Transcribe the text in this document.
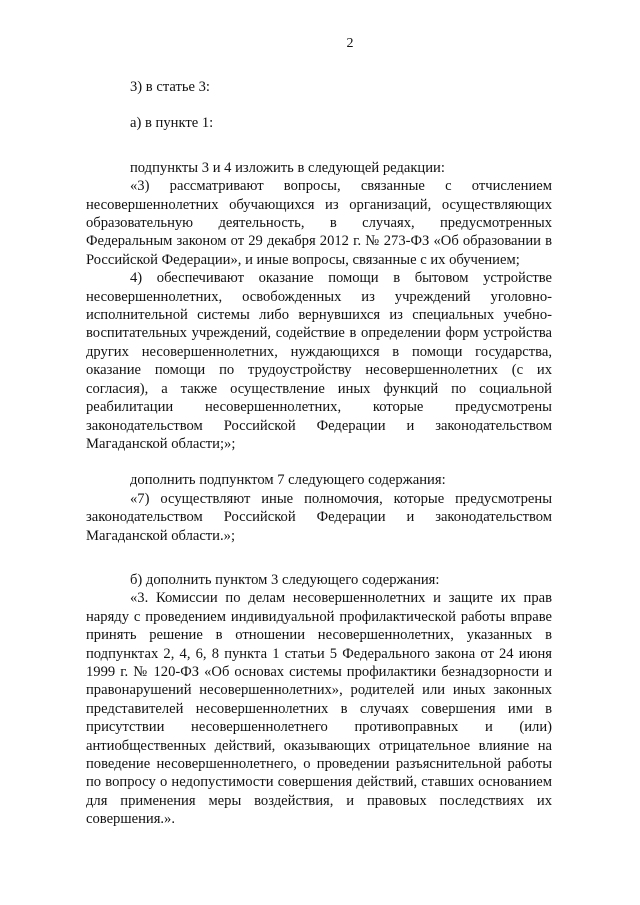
2

3) в статье 3:

а) в пункте 1:

подпункты 3 и 4 изложить в следующей редакции:

«3) рассматривают вопросы, связанные с отчислением несовершеннолетних обучающихся из организаций, осуществляющих образовательную деятельность, в случаях, предусмотренных Федеральным законом от 29 декабря 2012 г. № 273-ФЗ «Об образовании в Российской Федерации», и иные вопросы, связанные с их обучением;

4) обеспечивают оказание помощи в бытовом устройстве несовершеннолетних, освобожденных из учреждений уголовно-исполнительной системы либо вернувшихся из специальных учебно-воспитательных учреждений, содействие в определении форм устройства других несовершеннолетних, нуждающихся в помощи государства, оказание помощи по трудоустройству несовершеннолетних (с их согласия), а также осуществление иных функций по социальной реабилитации несовершеннолетних, которые предусмотрены законодательством Российской Федерации и законодательством Магаданской области;»;

дополнить подпунктом 7 следующего содержания:

«7) осуществляют иные полномочия, которые предусмотрены законодательством Российской Федерации и законодательством Магаданской области.»;

б) дополнить пунктом 3 следующего содержания:

«3. Комиссии по делам несовершеннолетних и защите их прав наряду с проведением индивидуальной профилактической работы вправе принять решение в отношении несовершеннолетних, указанных в подпунктах 2, 4, 6, 8 пункта 1 статьи 5 Федерального закона от 24 июня 1999 г. № 120-ФЗ «Об основах системы профилактики безнадзорности и правонарушений несовершеннолетних», родителей или иных законных представителей несовершеннолетних в случаях совершения ими в присутствии несовершеннолетнего противоправных и (или) антиобщественных действий, оказывающих отрицательное влияние на поведение несовершеннолетнего, о проведении разъяснительной работы по вопросу о недопустимости совершения действий, ставших основанием для применения меры воздействия, и правовых последствиях их совершения.».
